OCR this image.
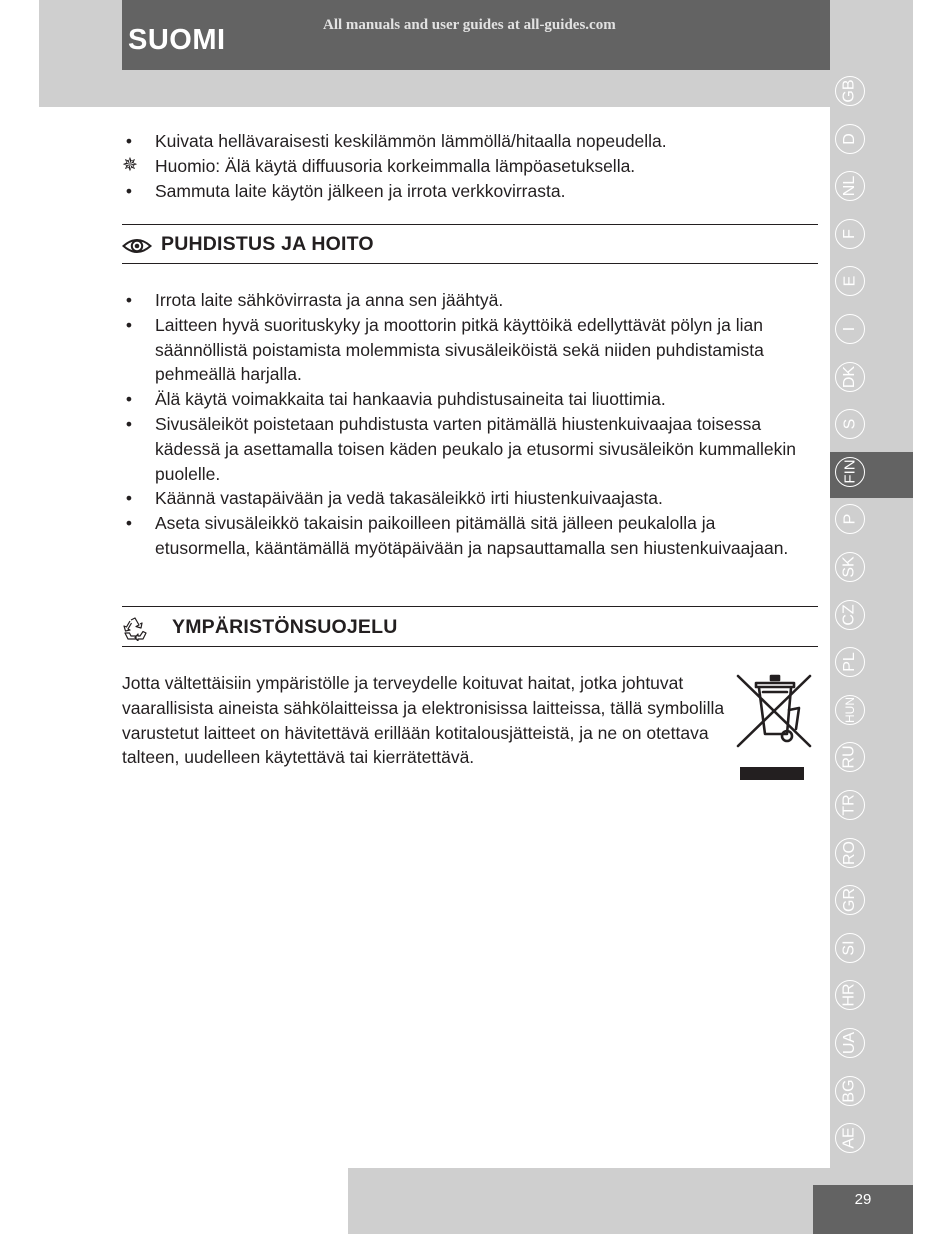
SUOMI	All manuals and user guides at all-guides.com
GB
D
NL
F
E
I
DK
S
FIN
P
SK
CZ
PL
HUN
RU
TR
RO
GR
SI
HR
UA
BG
AE
• Kuivata hellävaraisesti keskilämmön lämmöllä/hitaalla nopeudella.
✵ Huomio: Älä käytä diffuusoria korkeimmalla lämpöasetuksella.
• Sammuta laite käytön jälkeen ja irrota verkkovirrasta.
PUHDISTUS JA HOITO
• Irrota laite sähkövirrasta ja anna sen jäähtyä.
• Laitteen hyvä suorituskyky ja moottorin pitkä käyttöikä edellyttävät pölyn ja lian säännöllistä poistamista molemmista sivusäleiköistä sekä niiden puhdistamista pehmeällä harjalla.
• Älä käytä voimakkaita tai hankaavia puhdistusaineita tai liuottimia.
• Sivusäleiköt poistetaan puhdistusta varten pitämällä hiustenkuivaajaa toisessa kädessä ja asettamalla toisen käden peukalo ja etusormi sivusäleikön kummallekin puolelle.
• Käännä vastapäivään ja vedä takasäleikkö irti hiustenkuivaajasta.
• Aseta sivusäleikkö takaisin paikoilleen pitämällä sitä jälleen peukalolla ja etusormella, kääntämällä myötäpäivään ja napsauttamalla sen hiustenkuivaajaan.
YMPÄRISTÖNSUOJELU

Jotta vältettäisiin ympäristölle ja terveydelle koituvat haitat, jotka johtuvat vaarallisista aineista sähkölaitteissa ja elektronisissa laitteissa, tällä symbolilla varustetut laitteet on hävitettävä erillään kotitalousjätteistä, ja ne on otettava talteen, uudelleen käytettävä tai kierrätettävä.

29
